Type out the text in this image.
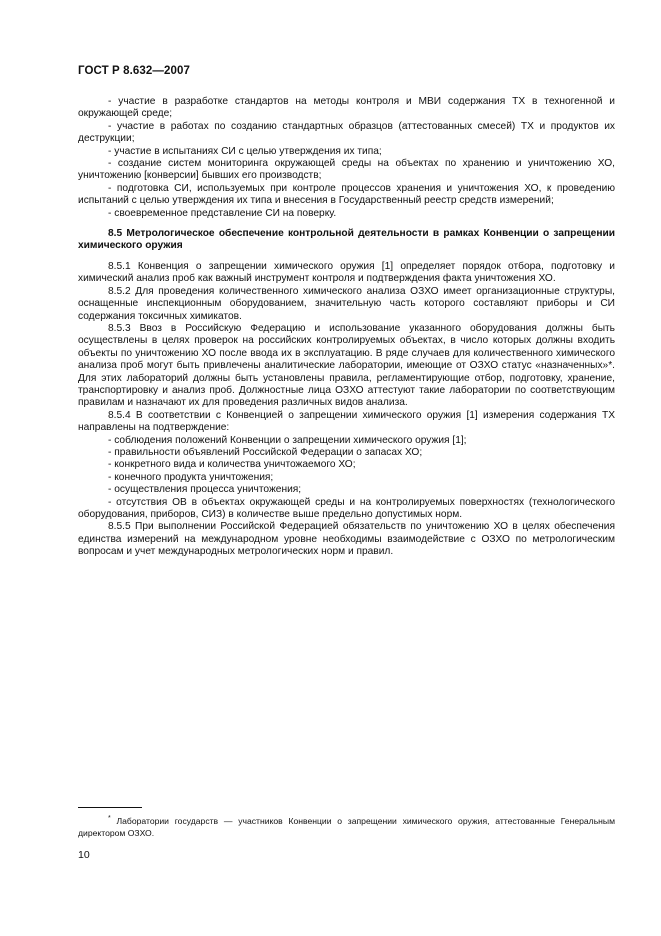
ГОСТ Р 8.632—2007

- участие в разработке стандартов на методы контроля и МВИ содержания ТХ в техногенной и окружающей среде;

- участие в работах по созданию стандартных образцов (аттестованных смесей) ТХ и продуктов их деструкции;

- участие в испытаниях СИ с целью утверждения их типа;

- создание систем мониторинга окружающей среды на объектах по хранению и уничтожению ХО, уничтожению [конверсии] бывших его производств;

- подготовка СИ, используемых при контроле процессов хранения и уничтожения ХО, к проведению испытаний с целью утверждения их типа и внесения в Государственный реестр средств измерений;

- своевременное представление СИ на поверку.

8.5 Метрологическое обеспечение контрольной деятельности в рамках Конвенции о запрещении химического оружия

8.5.1 Конвенция о запрещении химического оружия [1] определяет порядок отбора, подготовку и химический анализ проб как важный инструмент контроля и подтверждения факта уничтожения ХО.

8.5.2 Для проведения количественного химического анализа ОЗХО имеет организационные структуры, оснащенные инспекционным оборудованием, значительную часть которого составляют приборы и СИ содержания токсичных химикатов.

8.5.3 Ввоз в Российскую Федерацию и использование указанного оборудования должны быть осуществлены в целях проверок на российских контролируемых объектах, в число которых должны входить объекты по уничтожению ХО после ввода их в эксплуатацию. В ряде случаев для количественного химического анализа проб могут быть привлечены аналитические лаборатории, имеющие от ОЗХО статус «назначенных»*. Для этих лабораторий должны быть установлены правила, регламентирующие отбор, подготовку, хранение, транспортировку и анализ проб. Должностные лица ОЗХО аттестуют такие лаборатории по соответствующим правилам и назначают их для проведения различных видов анализа.

8.5.4 В соответствии с Конвенцией о запрещении химического оружия [1] измерения содержания ТХ направлены на подтверждение:

- соблюдения положений Конвенции о запрещении химического оружия [1];

- правильности объявлений Российской Федерации о запасах ХО;

- конкретного вида и количества уничтожаемого ХО;

- конечного продукта уничтожения;

- осуществления процесса уничтожения;

- отсутствия ОВ в объектах окружающей среды и на контролируемых поверхностях (технологического оборудования, приборов, СИЗ) в количестве выше предельно допустимых норм.

8.5.5 При выполнении Российской Федерацией обязательств по уничтожению ХО в целях обеспечения единства измерений на международном уровне необходимы взаимодействие с ОЗХО по метрологическим вопросам и учет международных метрологических норм и правил.

* Лаборатории государств — участников Конвенции о запрещении химического оружия, аттестованные Генеральным директором ОЗХО.
10
